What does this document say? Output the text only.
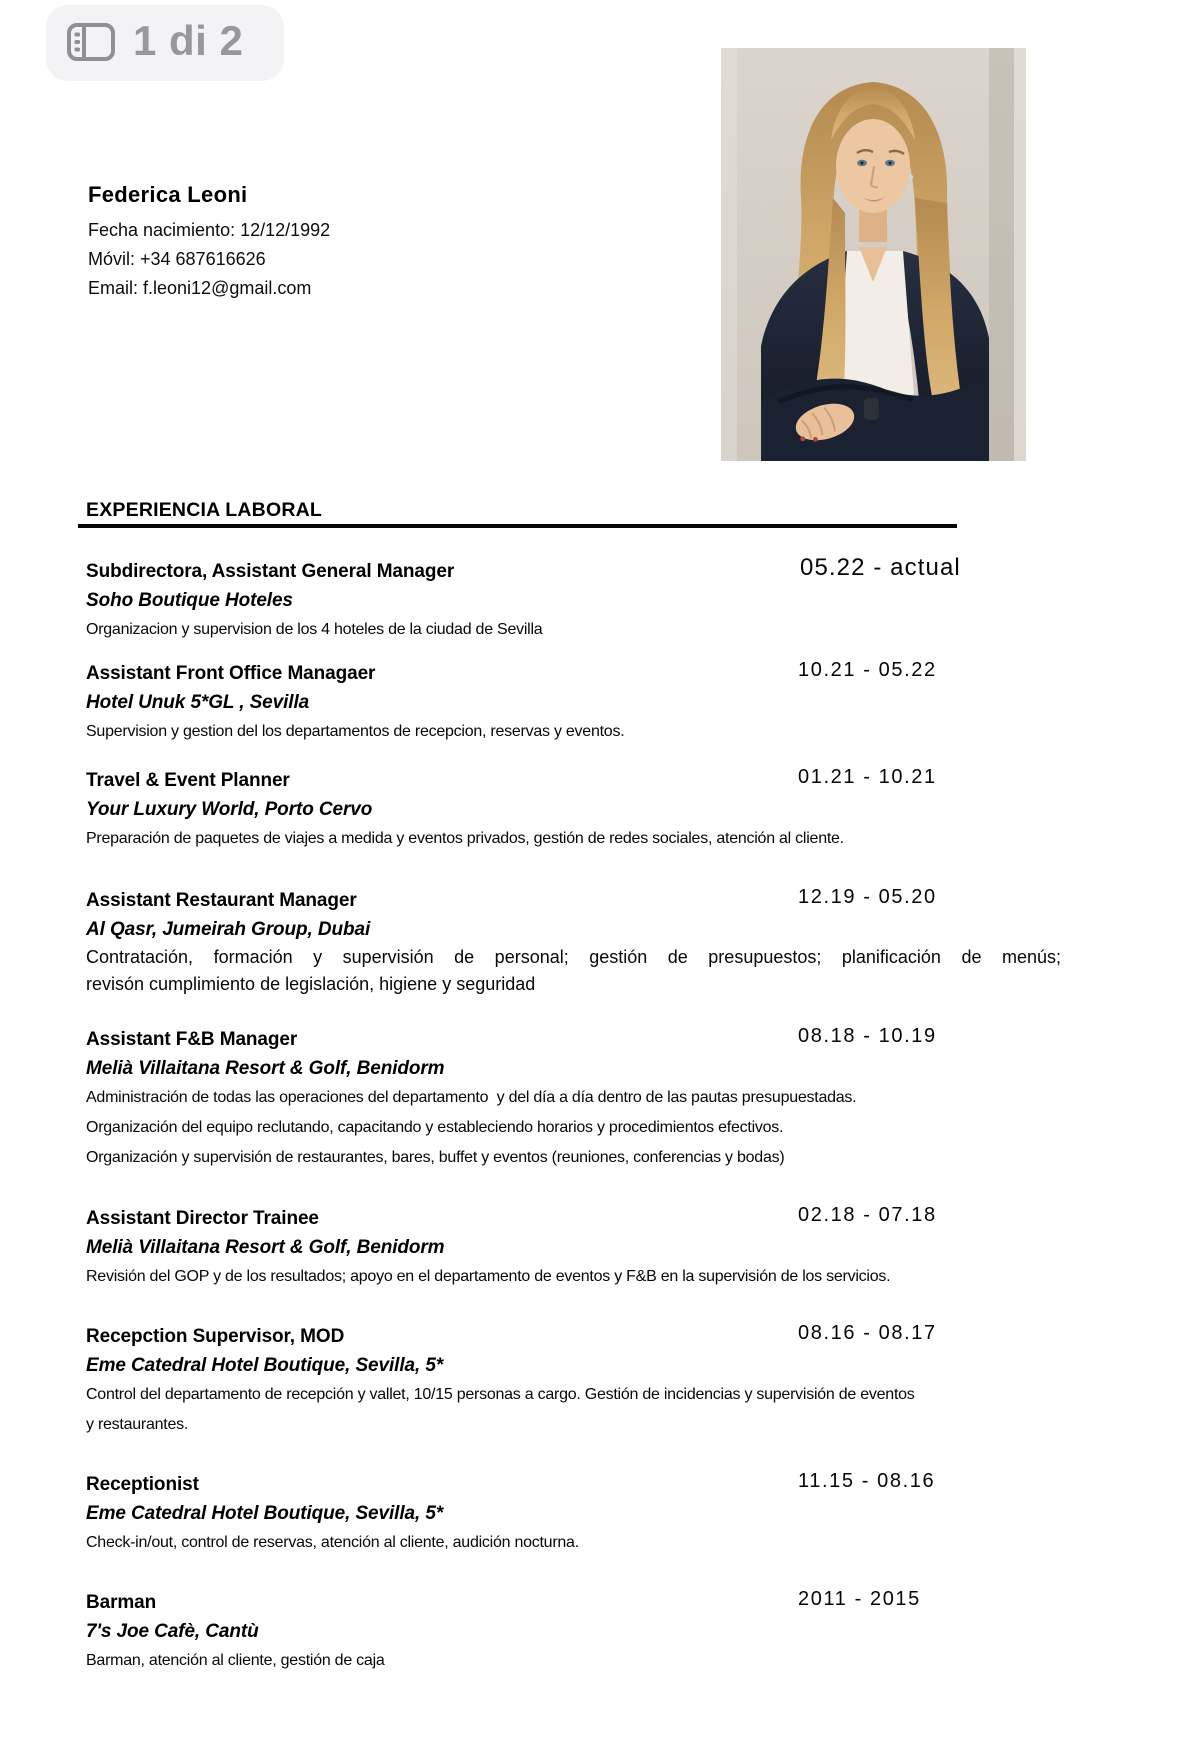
1 di 2
Federica Leoni
Fecha nacimiento: 12/12/1992
Móvil: +34 687616626
Email: f.leoni12@gmail.com
EXPERIENCIA LABORAL
05.22 - actual
Subdirectora, Assistant General Manager
Soho Boutique Hoteles
Organizacion y supervision de los 4 hoteles de la ciudad de Sevilla
10.21 - 05.22
Assistant Front Office Managaer
Hotel Unuk 5*GL , Sevilla
Supervision y gestion del los departamentos de recepcion, reservas y eventos.
01.21 - 10.21
Travel & Event Planner
Your Luxury World, Porto Cervo
Preparación de paquetes de viajes a medida y eventos privados, gestión de redes sociales, atención al cliente.
12.19 - 05.20
Assistant Restaurant Manager
Al Qasr, Jumeirah Group, Dubai
Contratación, formación y supervisión de personal; gestión de presupuestos; planificación de menús;
revisón cumplimiento de legislación, higiene y seguridad
08.18 - 10.19
Assistant F&B Manager
Melià Villaitana Resort & Golf, Benidorm
Administración de todas las operaciones del departamento  y del día a día dentro de las pautas presupuestadas.
Organización del equipo reclutando, capacitando y estableciendo horarios y procedimientos efectivos.
Organización y supervisión de restaurantes, bares, buffet y eventos (reuniones, conferencias y bodas)
02.18 - 07.18
Assistant Director Trainee
Melià Villaitana Resort & Golf, Benidorm
Revisión del GOP y de los resultados; apoyo en el departamento de eventos y F&B en la supervisión de los servicios.
08.16 - 08.17
Recepction Supervisor, MOD
Eme Catedral Hotel Boutique, Sevilla, 5*
Control del departamento de recepción y vallet, 10/15 personas a cargo. Gestión de incidencias y supervisión de eventos
y restaurantes.
11.15 - 08.16
Receptionist
Eme Catedral Hotel Boutique, Sevilla, 5*
Check-in/out, control de reservas, atención al cliente, audición nocturna.
2011 - 2015
Barman
7's Joe Cafè, Cantù
Barman, atención al cliente, gestión de caja
